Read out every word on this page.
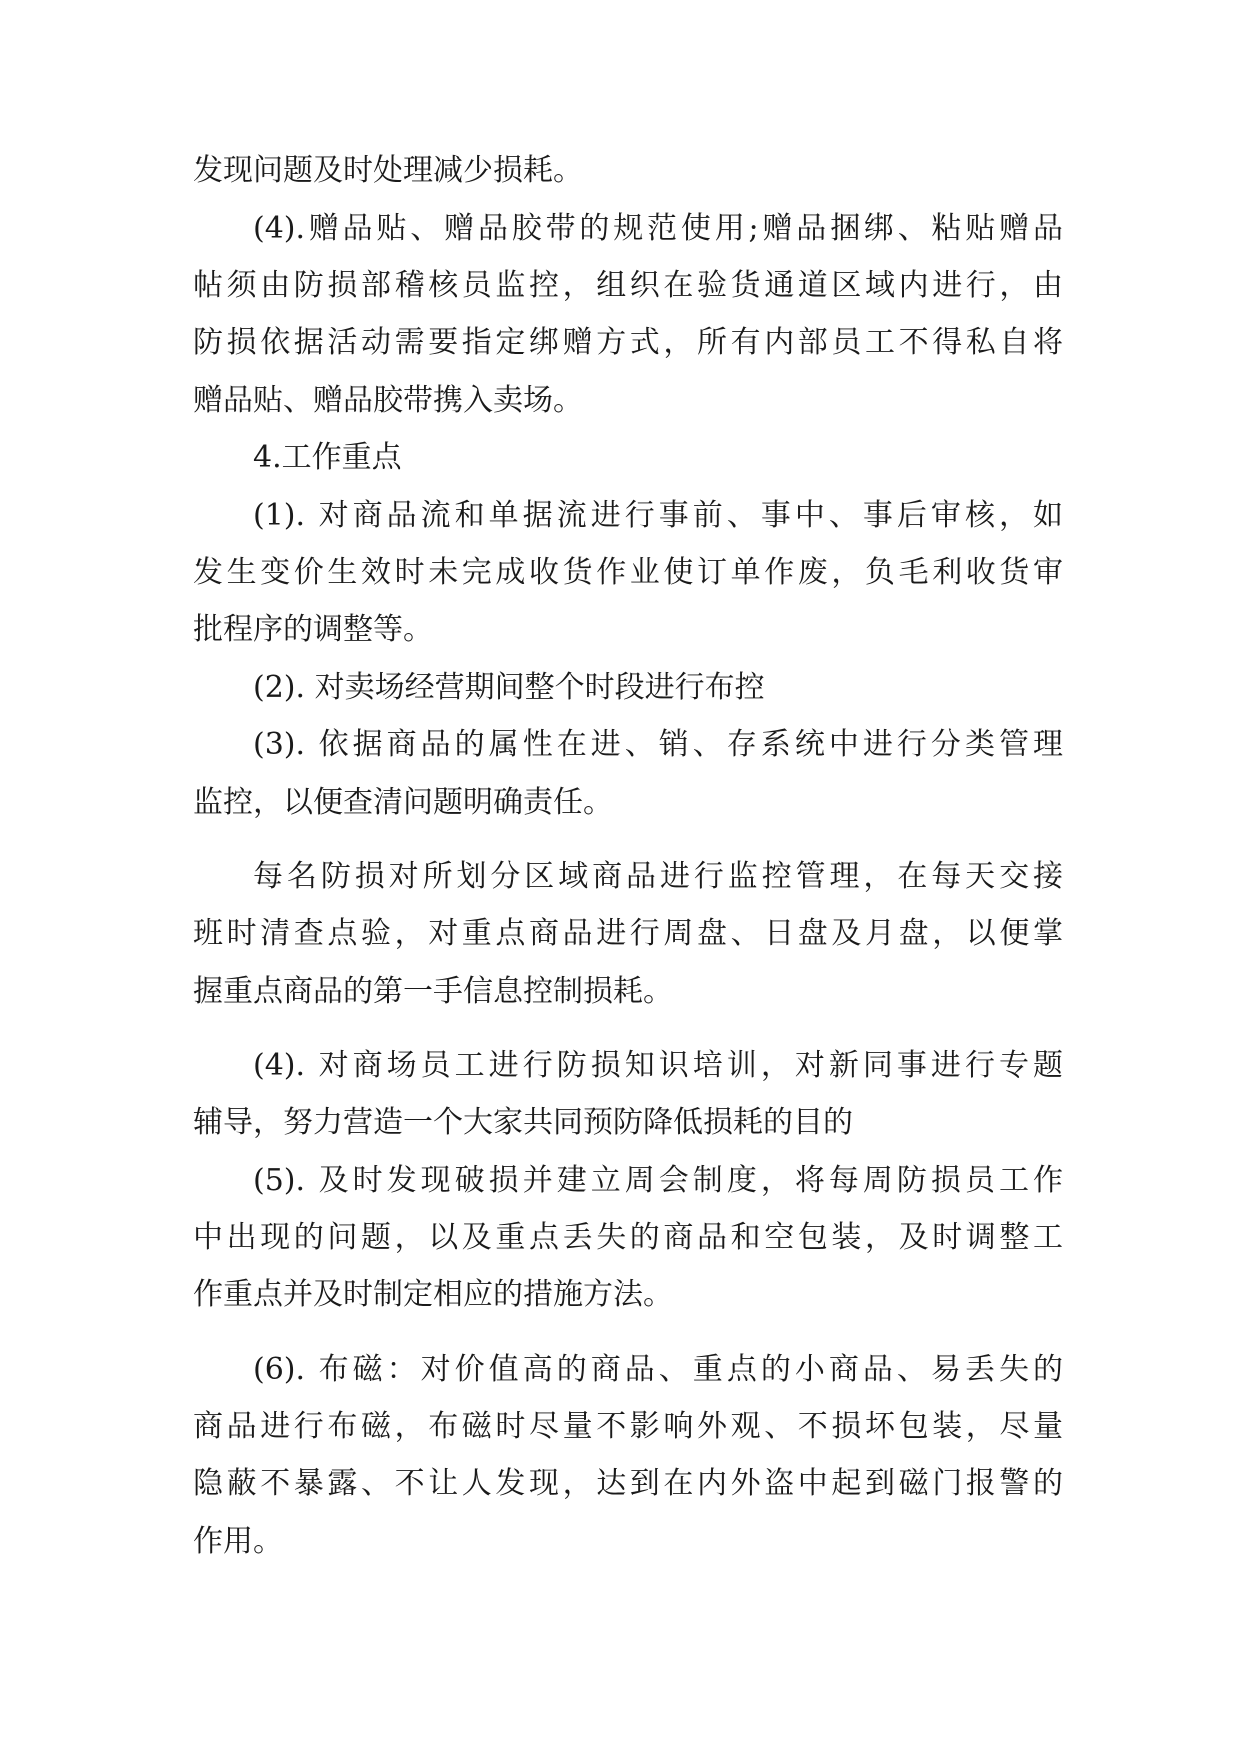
发现问题及时处理减少损耗。
(4).赠品贴、赠品胶带的规范使用;赠品捆绑、粘贴赠品
帖须由防损部稽核员监控，组织在验货通道区域内进行，由
防损依据活动需要指定绑赠方式，所有内部员工不得私自将
赠品贴、赠品胶带携入卖场。
4.工作重点
(1). 对商品流和单据流进行事前、事中、事后审核，如
发生变价生效时未完成收货作业使订单作废，负毛利收货审
批程序的调整等。
(2). 对卖场经营期间整个时段进行布控
(3). 依据商品的属性在进、销、存系统中进行分类管理
监控，以便查清问题明确责任。
每名防损对所划分区域商品进行监控管理，在每天交接
班时清查点验，对重点商品进行周盘、日盘及月盘，以便掌
握重点商品的第一手信息控制损耗。
(4). 对商场员工进行防损知识培训，对新同事进行专题
辅导，努力营造一个大家共同预防降低损耗的目的
(5). 及时发现破损并建立周会制度，将每周防损员工作
中出现的问题，以及重点丢失的商品和空包装，及时调整工
作重点并及时制定相应的措施方法。
(6). 布磁：对价值高的商品、重点的小商品、易丢失的
商品进行布磁，布磁时尽量不影响外观、不损坏包装，尽量
隐蔽不暴露、不让人发现，达到在内外盗中起到磁门报警的
作用。
